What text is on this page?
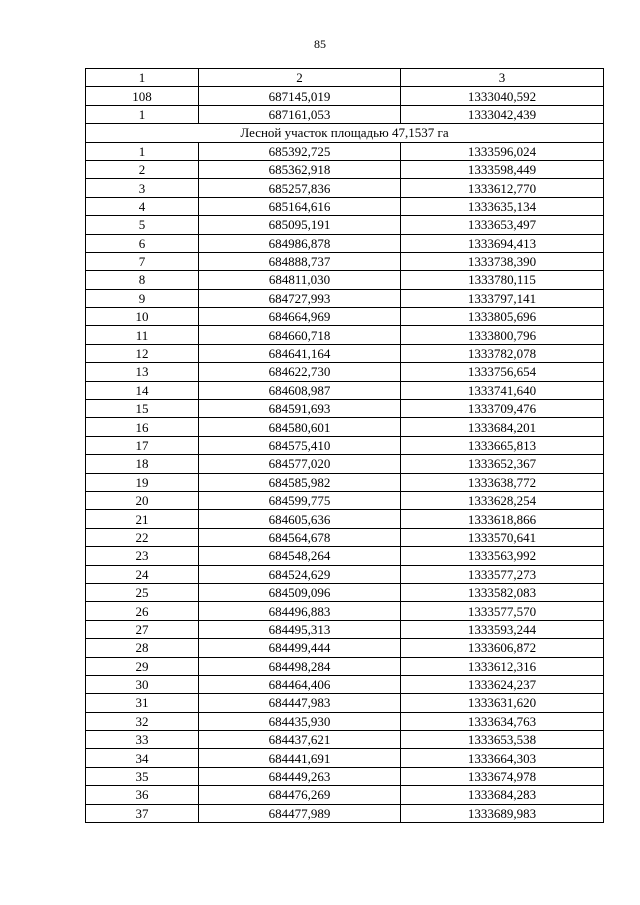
85
1	2	3
108	687145,019	1333040,592
1	687161,053	1333042,439
Лесной участок площадью 47,1537 га		
1	685392,725	1333596,024
2	685362,918	1333598,449
3	685257,836	1333612,770
4	685164,616	1333635,134
5	685095,191	1333653,497
6	684986,878	1333694,413
7	684888,737	1333738,390
8	684811,030	1333780,115
9	684727,993	1333797,141
10	684664,969	1333805,696
11	684660,718	1333800,796
12	684641,164	1333782,078
13	684622,730	1333756,654
14	684608,987	1333741,640
15	684591,693	1333709,476
16	684580,601	1333684,201
17	684575,410	1333665,813
18	684577,020	1333652,367
19	684585,982	1333638,772
20	684599,775	1333628,254
21	684605,636	1333618,866
22	684564,678	1333570,641
23	684548,264	1333563,992
24	684524,629	1333577,273
25	684509,096	1333582,083
26	684496,883	1333577,570
27	684495,313	1333593,244
28	684499,444	1333606,872
29	684498,284	1333612,316
30	684464,406	1333624,237
31	684447,983	1333631,620
32	684435,930	1333634,763
33	684437,621	1333653,538
34	684441,691	1333664,303
35	684449,263	1333674,978
36	684476,269	1333684,283
37	684477,989	1333689,983
